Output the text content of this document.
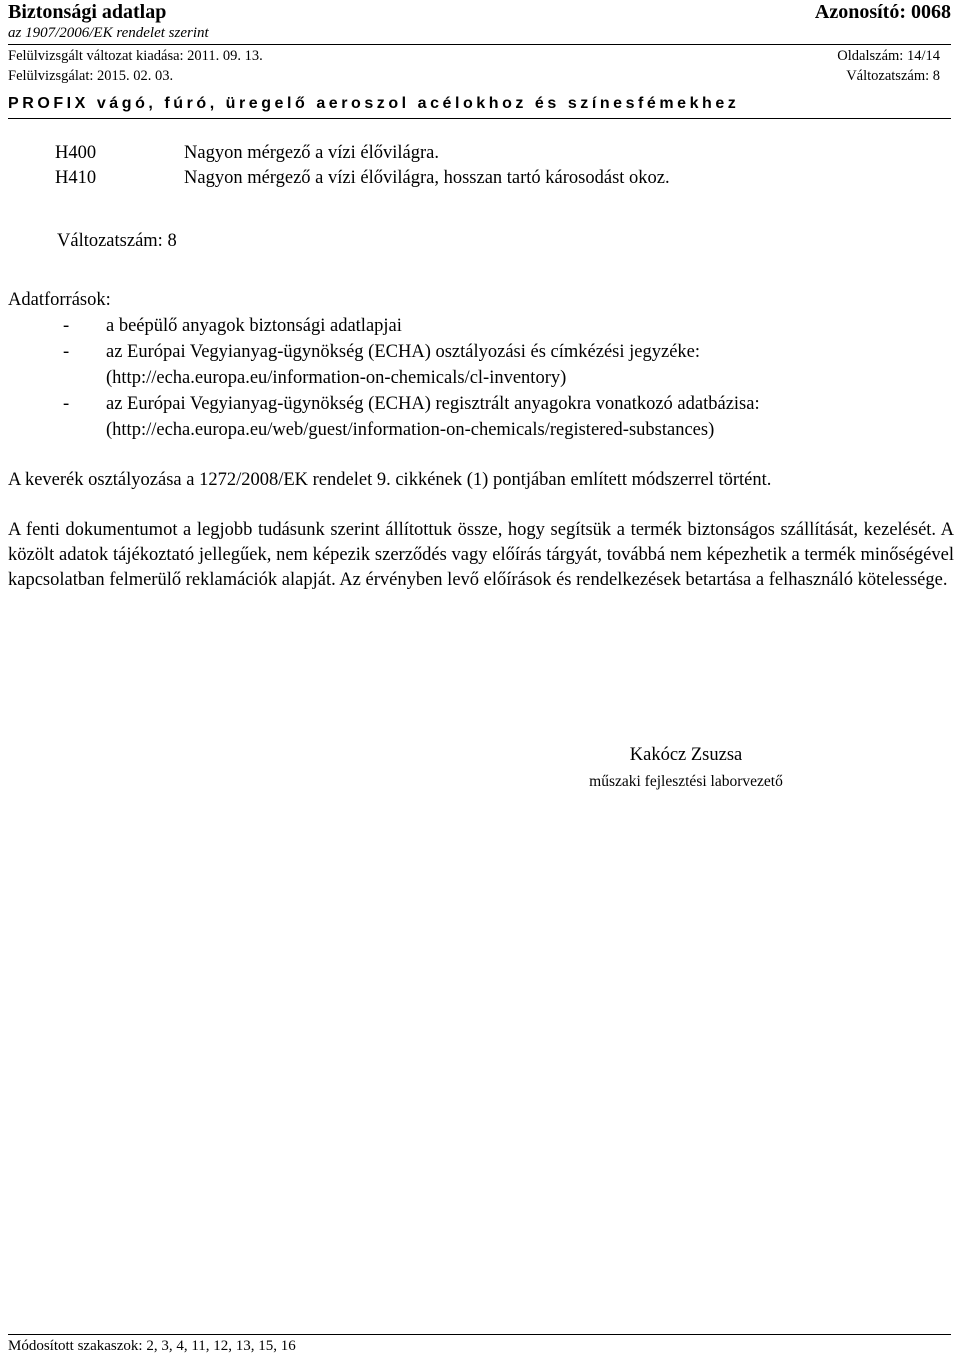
Biztonsági adatlap	Azonosító: 0068
az 1907/2006/EK rendelet szerint
Felülvizsgált változat kiadása: 2011. 09. 13.	Oldalszám: 14/14
Felülvizsgálat: 2015. 02. 03.	Változatszám: 8
PROFIX vágó, fúró, üregelő aeroszol acélokhoz és színesfémekhez
H400	Nagyon mérgező a vízi élővilágra.
H410	Nagyon mérgező a vízi élővilágra, hosszan tartó károsodást okoz.
Változatszám: 8
Adatforrások:
- a beépülő anyagok biztonsági adatlapjai
- az Európai Vegyianyag-ügynökség (ECHA) osztályozási és címkézési jegyzéke:
(http://echa.europa.eu/information-on-chemicals/cl-inventory)
- az Európai Vegyianyag-ügynökség (ECHA) regisztrált anyagokra vonatkozó adatbázisa:
(http://echa.europa.eu/web/guest/information-on-chemicals/registered-substances)
A keverék osztályozása a 1272/2008/EK rendelet 9. cikkének (1) pontjában említett módszerrel történt.
A fenti dokumentumot a legjobb tudásunk szerint állítottuk össze, hogy segítsük a termék biztonságos szállítását, kezelését. A közölt adatok tájékoztató jellegűek, nem képezik szerződés vagy előírás tárgyát, továbbá nem képezhetik a termék minőségével kapcsolatban felmerülő reklamációk alapját. Az érvényben levő előírások és rendelkezések betartása a felhasználó kötelessége.
Kakócz Zsuzsa
műszaki fejlesztési laborvezető
Módosított szakaszok: 2, 3, 4, 11, 12, 13, 15, 16
